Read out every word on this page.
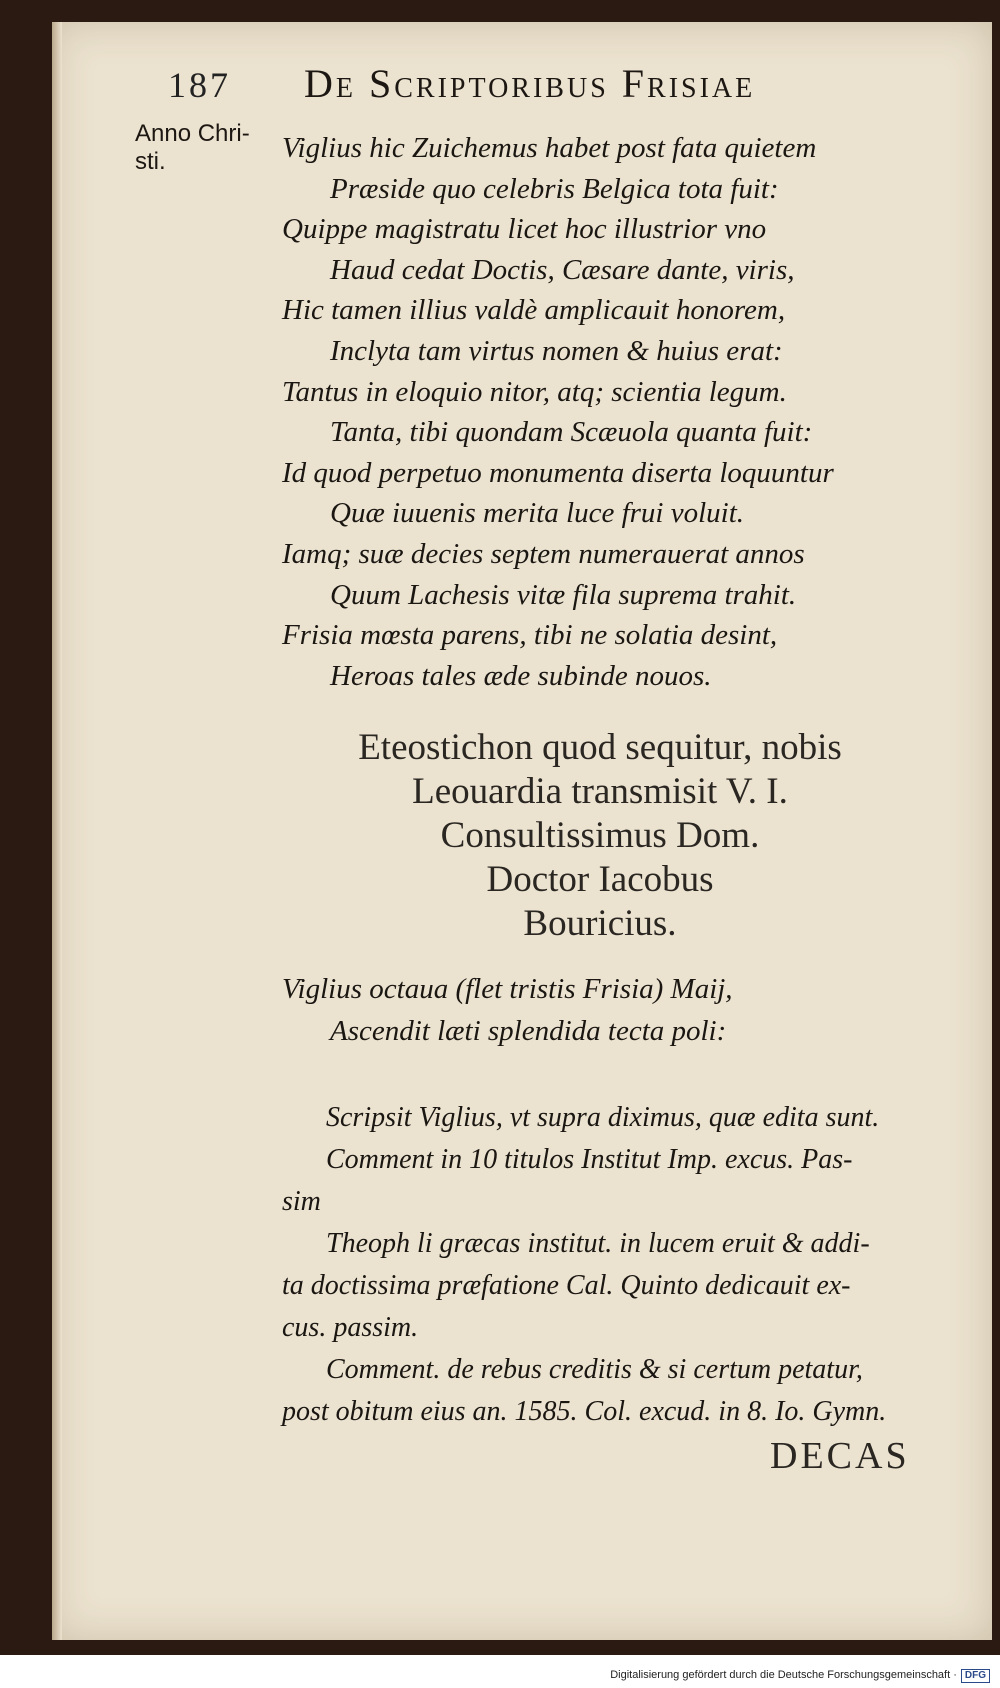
187 De Scriptoribus Frisiae
Anno Chri-
sti.	Viglius hic Zuichemus habet post fata quietem
Præside quo celebris Belgica tota fuit:
Quippe magistratu licet hoc illustrior vno
Haud cedat Doctis, Cæsare dante, viris,
Hic tamen illius valdè amplicauit honorem,
Inclyta tam virtus nomen & huius erat:
Tantus in eloquio nitor, atq; scientia legum.
Tanta, tibi quondam Scæuola quanta fuit:
Id quod perpetuo monumenta diserta loquuntur
Quæ iuuenis merita luce frui voluit.
Iamq; suæ decies septem numerauerat annos
Quum Lachesis vitæ fila suprema trahit.
Frisia mœsta parens, tibi ne solatia desint,
Heroas tales æde subinde nouos.
Eteostichon quod sequitur, nobis
Leouardia transmisit V. I.
Consultissimus Dom.
Doctor Iacobus
Bouricius.
Viglius octaua (flet tristis Frisia) Maij,
Ascendit læti splendida tecta poli:
Scripsit Viglius, vt supra diximus, quæ edita sunt.
Comment in 10 titulos Institut Imp. excus. Pas-
sim
Theoph li græcas institut. in lucem eruit & addi-
ta doctissima præfatione Cal. Quinto dedicauit ex-
cus. passim.
Comment. de rebus creditis & si certum petatur,
post obitum eius an. 1585. Col. excud. in 8. Io. Gymn.
DECAS
Digitalisierung gefördert durch die Deutsche Forschungsgemeinschaft · DFG
